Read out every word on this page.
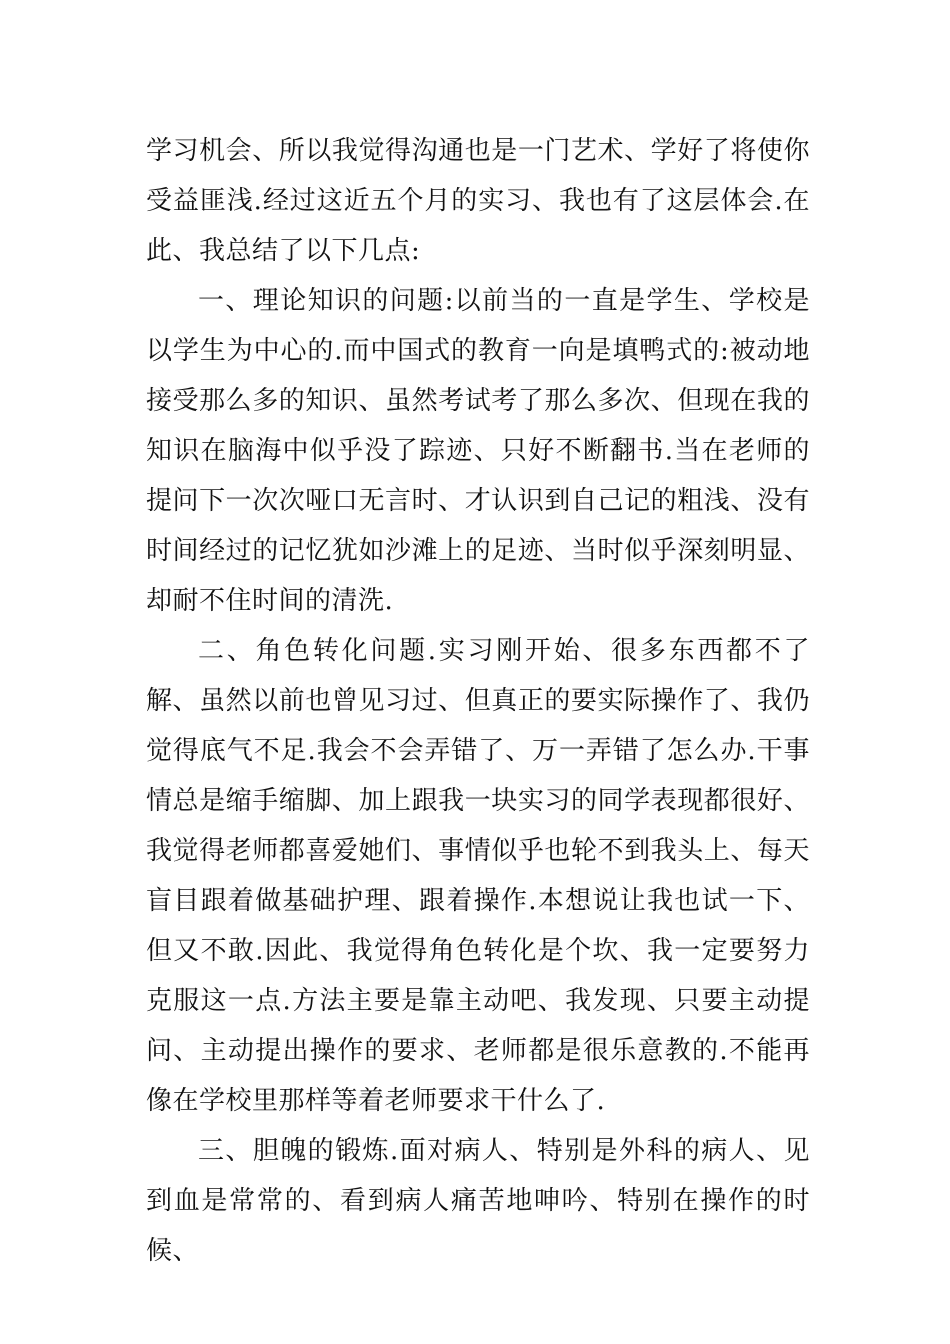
学习机会、所以我觉得沟通也是一门艺术、学好了将使你受益匪浅.经过这近五个月的实习、我也有了这层体会.在此、我总结了以下几点:

一、理论知识的问题:以前当的一直是学生、学校是以学生为中心的.而中国式的教育一向是填鸭式的:被动地接受那么多的知识、虽然考试考了那么多次、但现在我的知识在脑海中似乎没了踪迹、只好不断翻书.当在老师的提问下一次次哑口无言时、才认识到自己记的粗浅、没有时间经过的记忆犹如沙滩上的足迹、当时似乎深刻明显、却耐不住时间的清洗.

二、角色转化问题.实习刚开始、很多东西都不了解、虽然以前也曾见习过、但真正的要实际操作了、我仍觉得底气不足.我会不会弄错了、万一弄错了怎么办.干事情总是缩手缩脚、加上跟我一块实习的同学表现都很好、我觉得老师都喜爱她们、事情似乎也轮不到我头上、每天盲目跟着做基础护理、跟着操作.本想说让我也试一下、但又不敢.因此、我觉得角色转化是个坎、我一定要努力克服这一点.方法主要是靠主动吧、我发现、只要主动提问、主动提出操作的要求、老师都是很乐意教的.不能再像在学校里那样等着老师要求干什么了.

三、胆魄的锻炼.面对病人、特别是外科的病人、见到血是常常的、看到病人痛苦地呻吟、特别在操作的时候、
